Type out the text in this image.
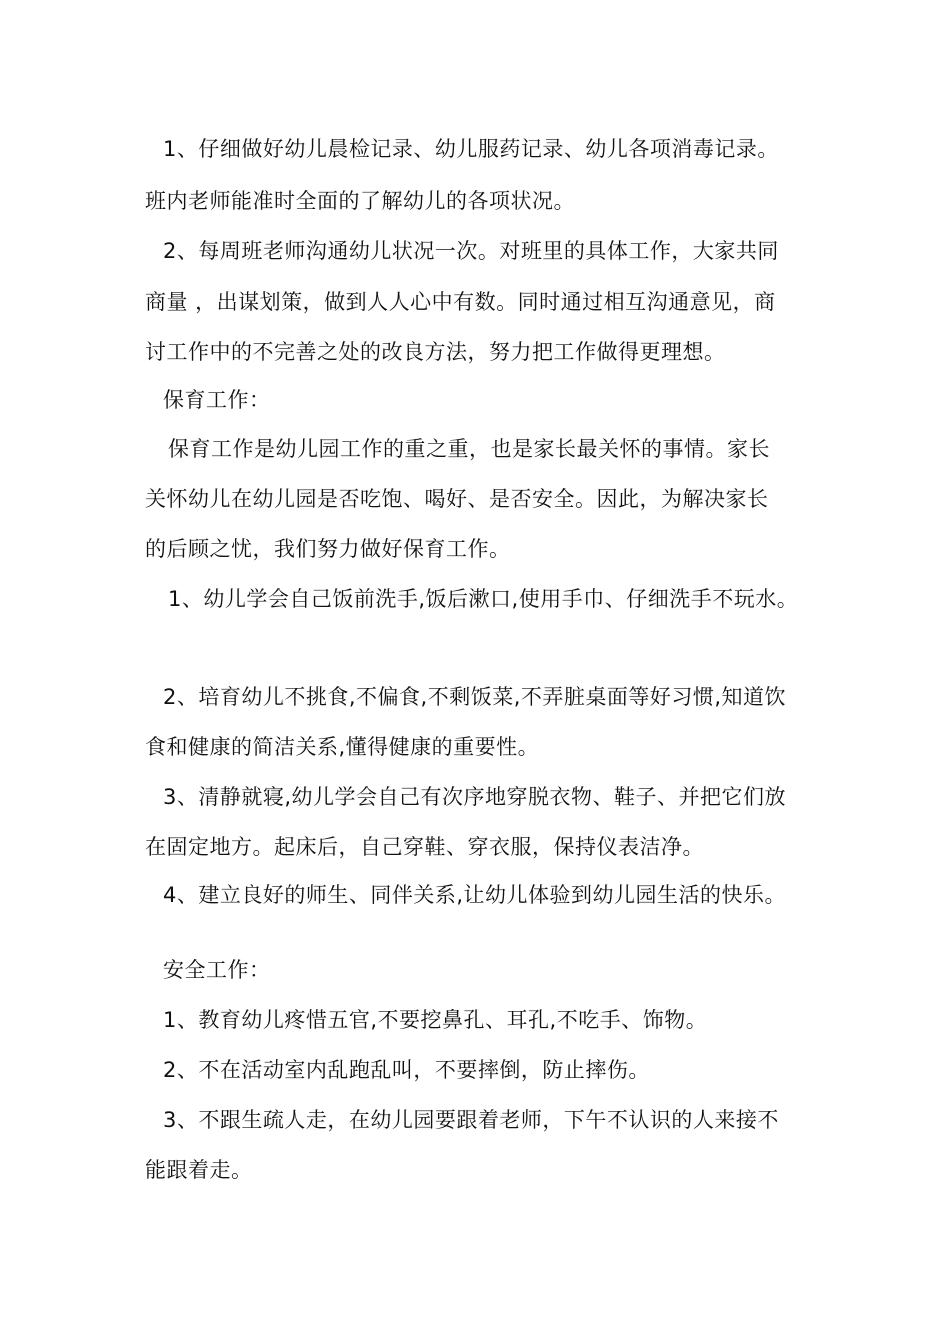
1、仔细做好幼儿晨检记录、幼儿服药记录、幼儿各项消毒记录。
班内老师能准时全面的了解幼儿的各项状况。
2、每周班老师沟通幼儿状况一次。对班里的具体工作，大家共同
商量 ，出谋划策，做到人人心中有数。同时通过相互沟通意见，商
讨工作中的不完善之处的改良方法，努力把工作做得更理想。
保育工作：
保育工作是幼儿园工作的重之重，也是家长最关怀的事情。家长
关怀幼儿在幼儿园是否吃饱、喝好、是否安全。因此，为解决家长
的后顾之忧，我们努力做好保育工作。
1、幼儿学会自己饭前洗手,饭后漱口,使用手巾、仔细洗手不玩水。
2、培育幼儿不挑食,不偏食,不剩饭菜,不弄脏桌面等好习惯,知道饮
食和健康的简洁关系,懂得健康的重要性。
3、清静就寝,幼儿学会自己有次序地穿脱衣物、鞋子、并把它们放
在固定地方。起床后，自己穿鞋、穿衣服，保持仪表洁净。
4、建立良好的师生、同伴关系,让幼儿体验到幼儿园生活的快乐。
安全工作：
1、教育幼儿疼惜五官,不要挖鼻孔、耳孔,不吃手、饰物。
2、不在活动室内乱跑乱叫，不要摔倒，防止摔伤。
3、不跟生疏人走，在幼儿园要跟着老师，下午不认识的人来接不
能跟着走。
